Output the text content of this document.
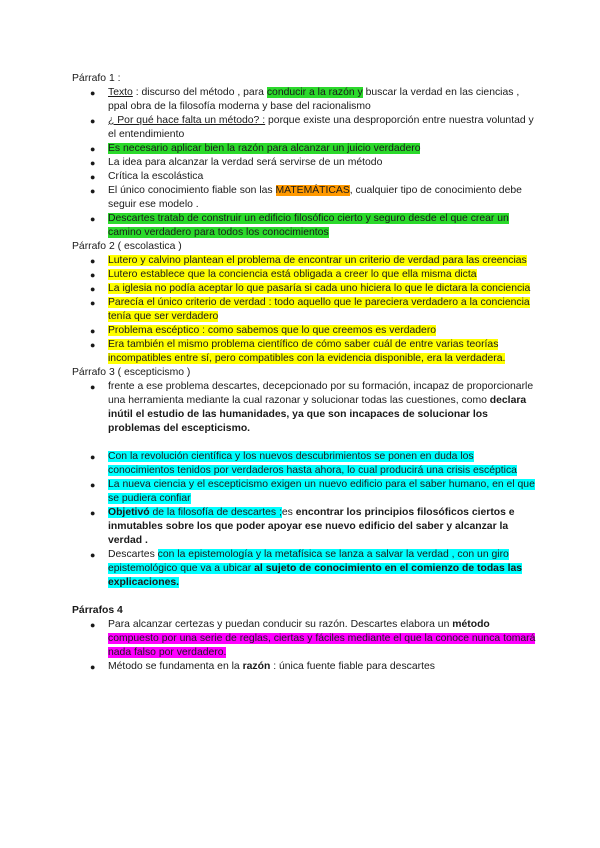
Párrafo 1 :

● Texto : discurso del método , para conducir a la razón y buscar la verdad en las ciencias , ppal obra de la filosofía moderna y base del racionalismo
● ¿ Por qué hace falta un método? : porque existe una desproporción entre nuestra voluntad y el entendimiento
● Es necesario aplicar bien la razón para alcanzar un juicio verdadero
● La idea para alcanzar la verdad será servirse de un método
● Crítica la escolástica
● El único conocimiento fiable son las MATEMÁTICAS, cualquier tipo de conocimiento debe seguir ese modelo .
● Descartes tratab de construir un edificio filosófico cierto y seguro desde el que crear un camino verdadero para todos los conocimientos

Párrafo 2 ( escolastica )

● Lutero y calvino plantean el problema de encontrar un criterio de verdad para las creencias
● Lutero establece que la conciencia está obligada a creer lo que ella misma dicta
● La iglesia no podía aceptar lo que pasaría si cada uno hiciera lo que le dictara la conciencia
● Parecía el único criterio de verdad : todo aquello que le pareciera verdadero a la conciencia tenía que ser verdadero
● Problema escéptico : como sabemos que lo que creemos es verdadero
● Era también el mismo problema científico de cómo saber cuál de entre varias teorías incompatibles entre sí, pero compatibles con la evidencia disponible, era la verdadera.

Párrafo 3 ( escepticismo )

● frente a ese problema descartes, decepcionado por su formación, incapaz de proporcionarle una herramienta mediante la cual razonar y solucionar todas las cuestiones, como declara inútil el estudio de las humanidades, ya que son incapaces de solucionar los problemas del escepticismo.
● Con la revolución científica y los nuevos descubrimientos se ponen en duda los conocimientos tenidos por verdaderos hasta ahora, lo cual producirá una crisis escéptica
● La nueva ciencia y el escepticismo exigen un nuevo edificio para el saber humano, en el que se pudiera confiar
● Objetivó de la filosofía de descartes ;es encontrar los principios filosóficos ciertos e inmutables sobre los que poder apoyar ese nuevo edificio del saber y alcanzar la verdad .
● Descartes con la epistemología y la metafísica se lanza a salvar la verdad , con un giro epistemológico que va a ubicar al sujeto de conocimiento en el comienzo de todas las explicaciones.

Párrafos 4

● Para alcanzar certezas y puedan conducir su razón. Descartes elabora un método compuesto por una serie de reglas, ciertas y fáciles mediante el que la conoce nunca tomará nada falso por verdadero.
● Método se fundamenta en la razón : única fuente fiable para descartes
